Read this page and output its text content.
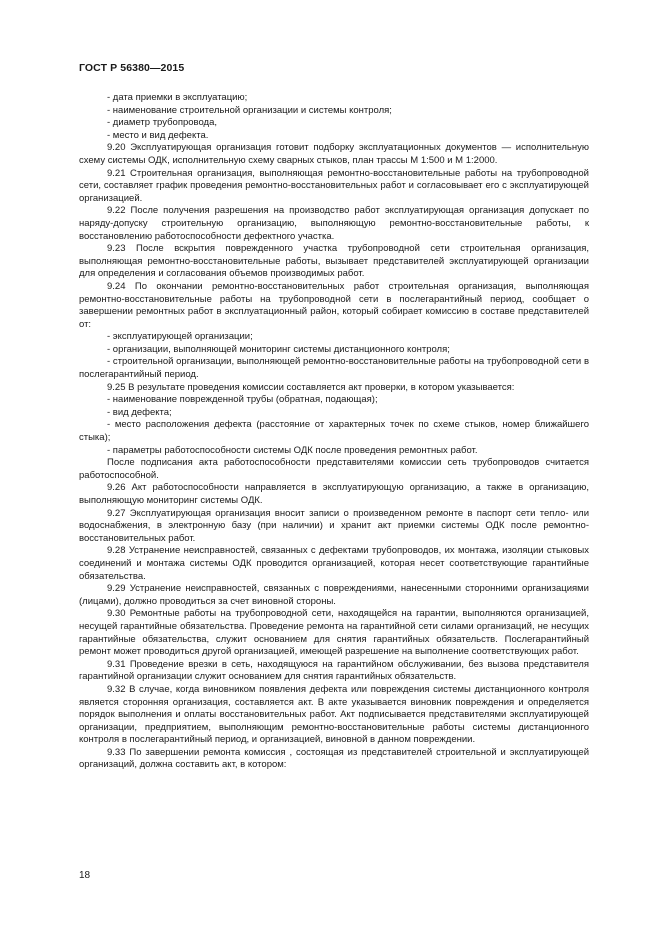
ГОСТ Р 56380—2015

- дата приемки в эксплуатацию;

- наименование строительной организации и системы контроля;

- диаметр трубопровода,

- место и вид дефекта.

9.20 Эксплуатирующая организация готовит подборку эксплуатационных документов — исполнительную схему системы ОДК, исполнительную схему сварных стыков, план трассы М 1:500 и М 1:2000.

9.21 Строительная организация, выполняющая ремонтно-восстановительные работы на трубопроводной сети, составляет график проведения ремонтно-восстановительных работ и согласовывает его с эксплуатирующей организацией.

9.22 После получения разрешения на производство работ эксплуатирующая организация допускает по наряду-допуску строительную организацию, выполняющую ремонтно-восстановительные работы, к восстановлению работоспособности дефектного участка.

9.23 После вскрытия поврежденного участка трубопроводной сети строительная организация, выполняющая ремонтно-восстановительные работы, вызывает представителей эксплуатирующей организации для определения и согласования объемов производимых работ.

9.24 По окончании ремонтно-восстановительных работ строительная организация, выполняющая ремонтно-восстановительные работы на трубопроводной сети в послегарантийный период, сообщает о завершении ремонтных работ в эксплуатационный район, который собирает комиссию в составе представителей от:

- эксплуатирующей организации;

- организации, выполняющей мониторинг системы дистанционного контроля;

- строительной организации, выполняющей ремонтно-восстановительные работы на трубопроводной сети в послегарантийный период.

9.25 В результате проведения комиссии составляется акт проверки, в котором указывается:

- наименование поврежденной трубы (обратная, подающая);

- вид дефекта;

- место расположения дефекта (расстояние от характерных точек по схеме стыков, номер ближайшего стыка);

- параметры работоспособности системы ОДК после проведения ремонтных работ.

После подписания акта работоспособности представителями комиссии сеть трубопроводов считается работоспособной.

9.26 Акт работоспособности направляется в эксплуатирующую организацию, а также в организацию, выполняющую мониторинг системы ОДК.

9.27 Эксплуатирующая организация вносит записи о произведенном ремонте в паспорт сети тепло- или водоснабжения, в электронную базу (при наличии) и хранит акт приемки системы ОДК после ремонтно-восстановительных работ.

9.28 Устранение неисправностей, связанных с дефектами трубопроводов, их монтажа, изоляции стыковых соединений и монтажа системы ОДК проводится организацией, которая несет соответствующие гарантийные обязательства.

9.29 Устранение неисправностей, связанных с повреждениями, нанесенными сторонними организациями (лицами), должно проводиться за счет виновной стороны.

9.30 Ремонтные работы на трубопроводной сети, находящейся на гарантии, выполняются организацией, несущей гарантийные обязательства. Проведение ремонта на гарантийной сети силами организаций, не несущих гарантийные обязательства, служит основанием для снятия гарантийных обязательств. Послегарантийный ремонт может проводиться другой организацией, имеющей разрешение на выполнение соответствующих работ.

9.31 Проведение врезки в сеть, находящуюся на гарантийном обслуживании, без вызова представителя гарантийной организации служит основанием для снятия гарантийных обязательств.

9.32 В случае, когда виновником появления дефекта или повреждения системы дистанционного контроля является сторонняя организация, составляется акт. В акте указывается виновник повреждения и определяется порядок выполнения и оплаты восстановительных работ. Акт подписывается представителями эксплуатирующей организации, предприятием, выполняющим ремонтно-восстановительные работы системы дистанционного контроля в послегарантийный период, и организацией, виновной в данном повреждении.

9.33 По завершении ремонта комиссия , состоящая из представителей строительной и эксплуатирующей организаций, должна составить акт, в котором:

18
